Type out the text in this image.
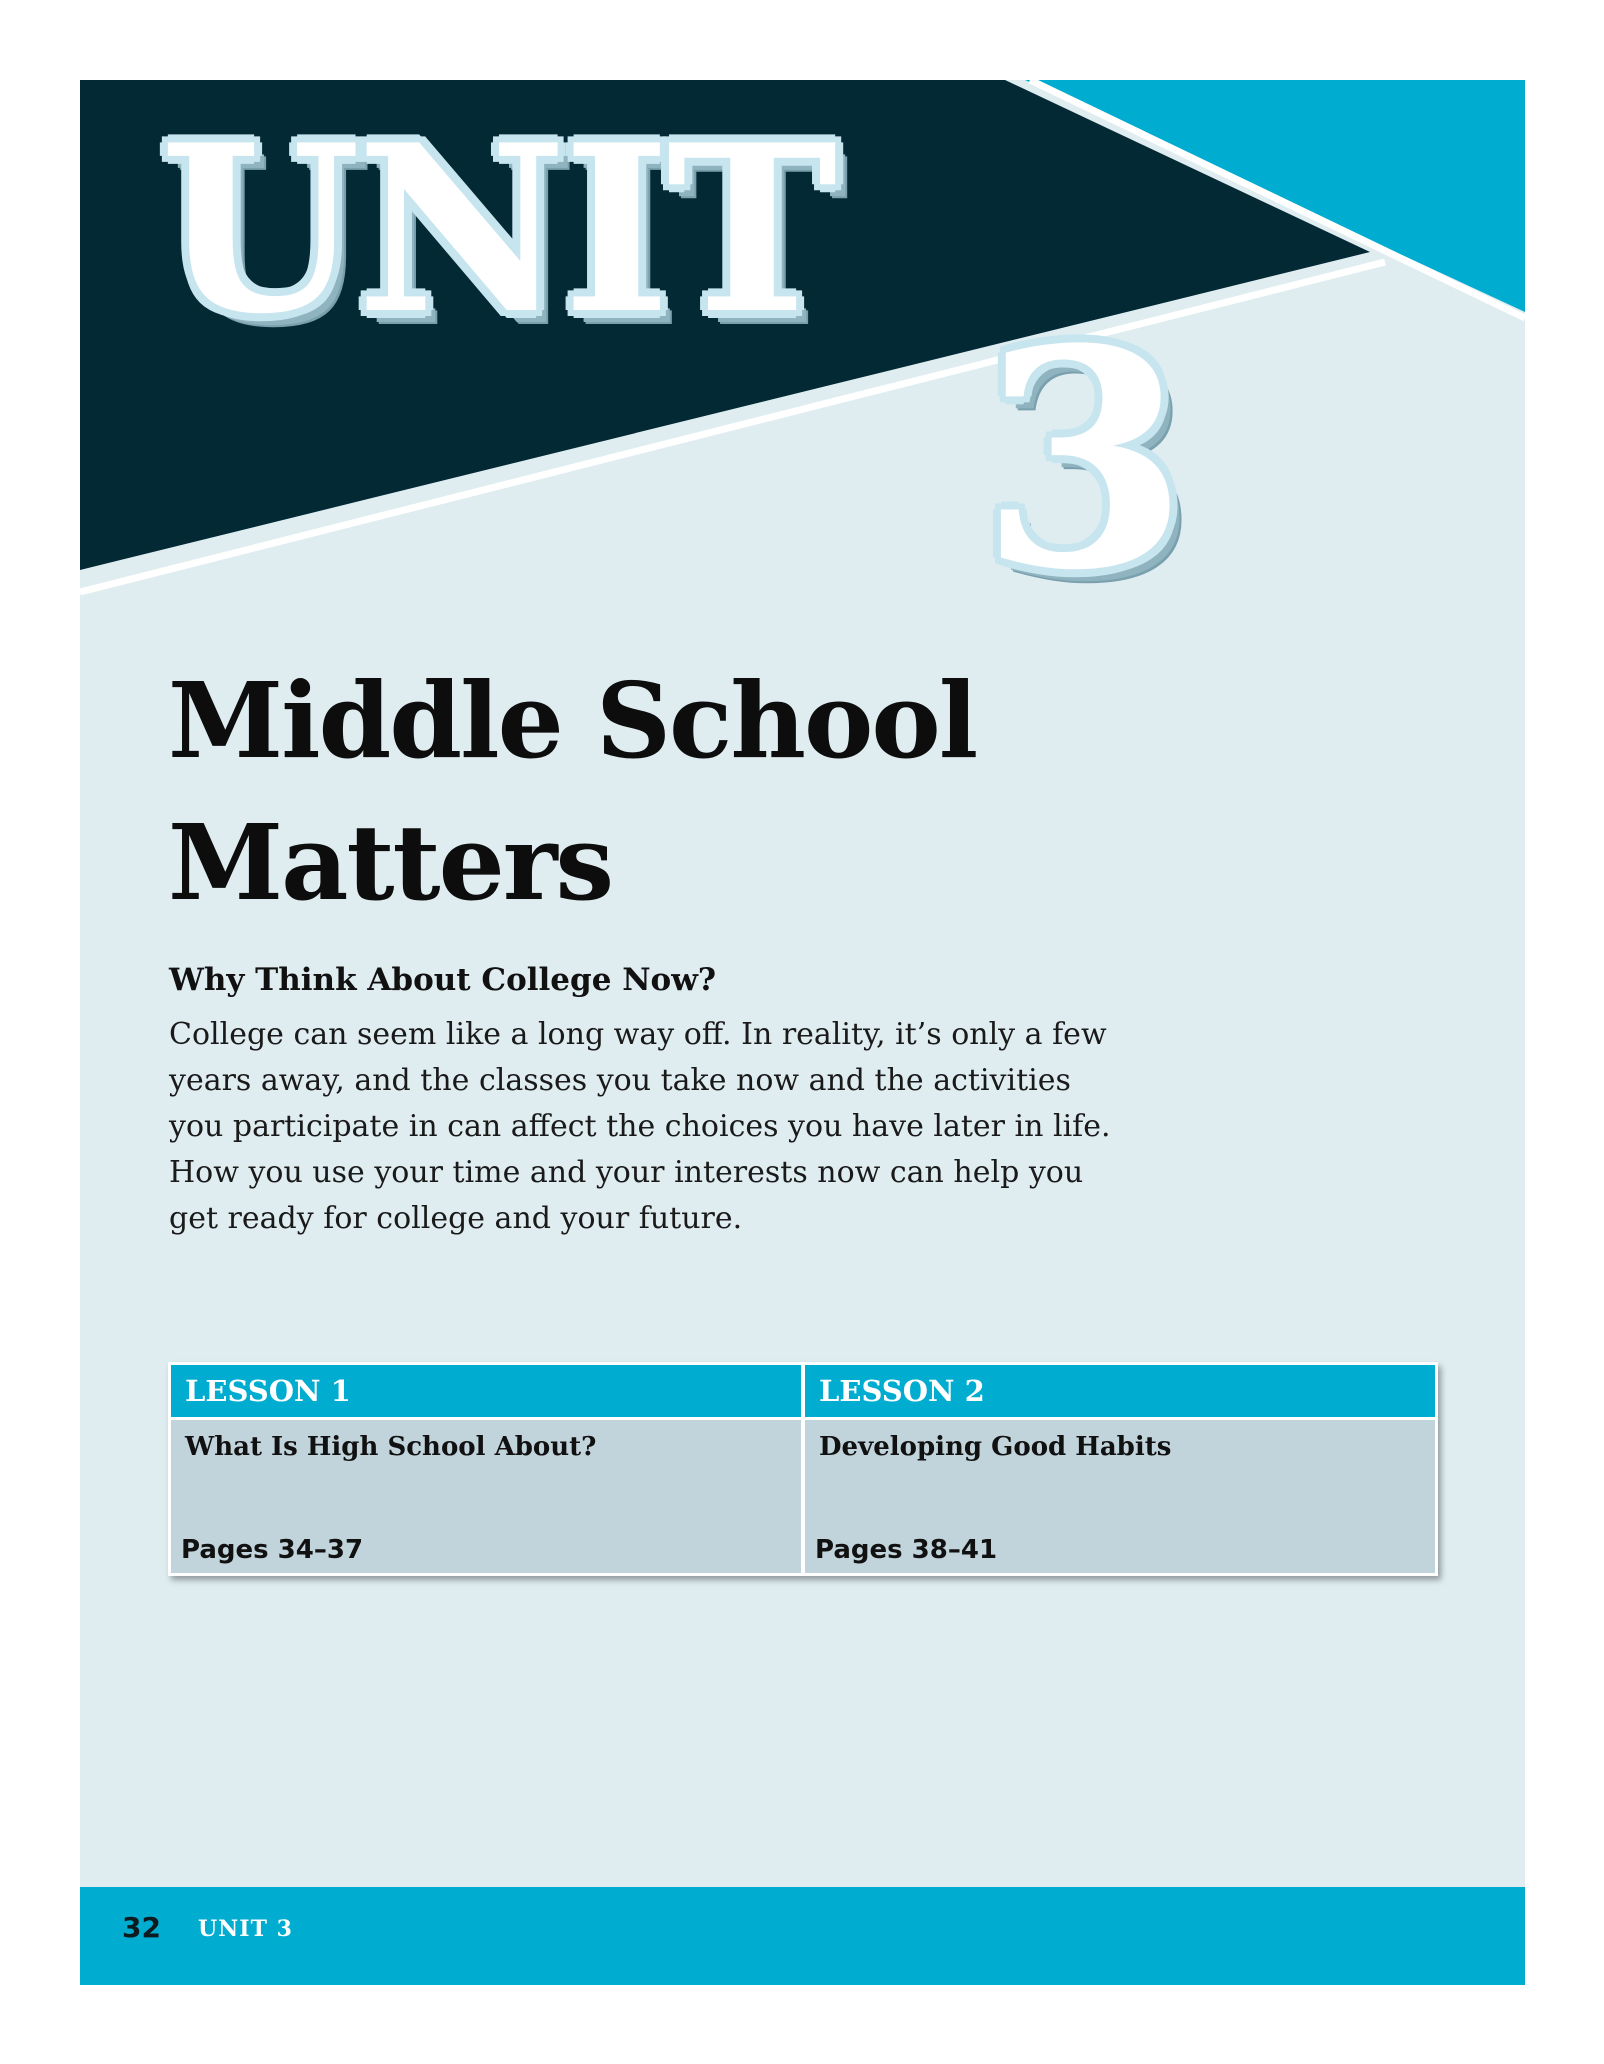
UNIT
3
Middle School Matters
Why Think About College Now?

College can seem like a long way off. In reality, it’s only a few years away, and the classes you take now and the activities you participate in can affect the choices you have later in life. How you use your time and your interests now can help you get ready for college and your future.

LESSON 1

What Is High School About?

Pages 34–37

LESSON 2

Developing Good Habits

Pages 38–41

32 UNIT 3
